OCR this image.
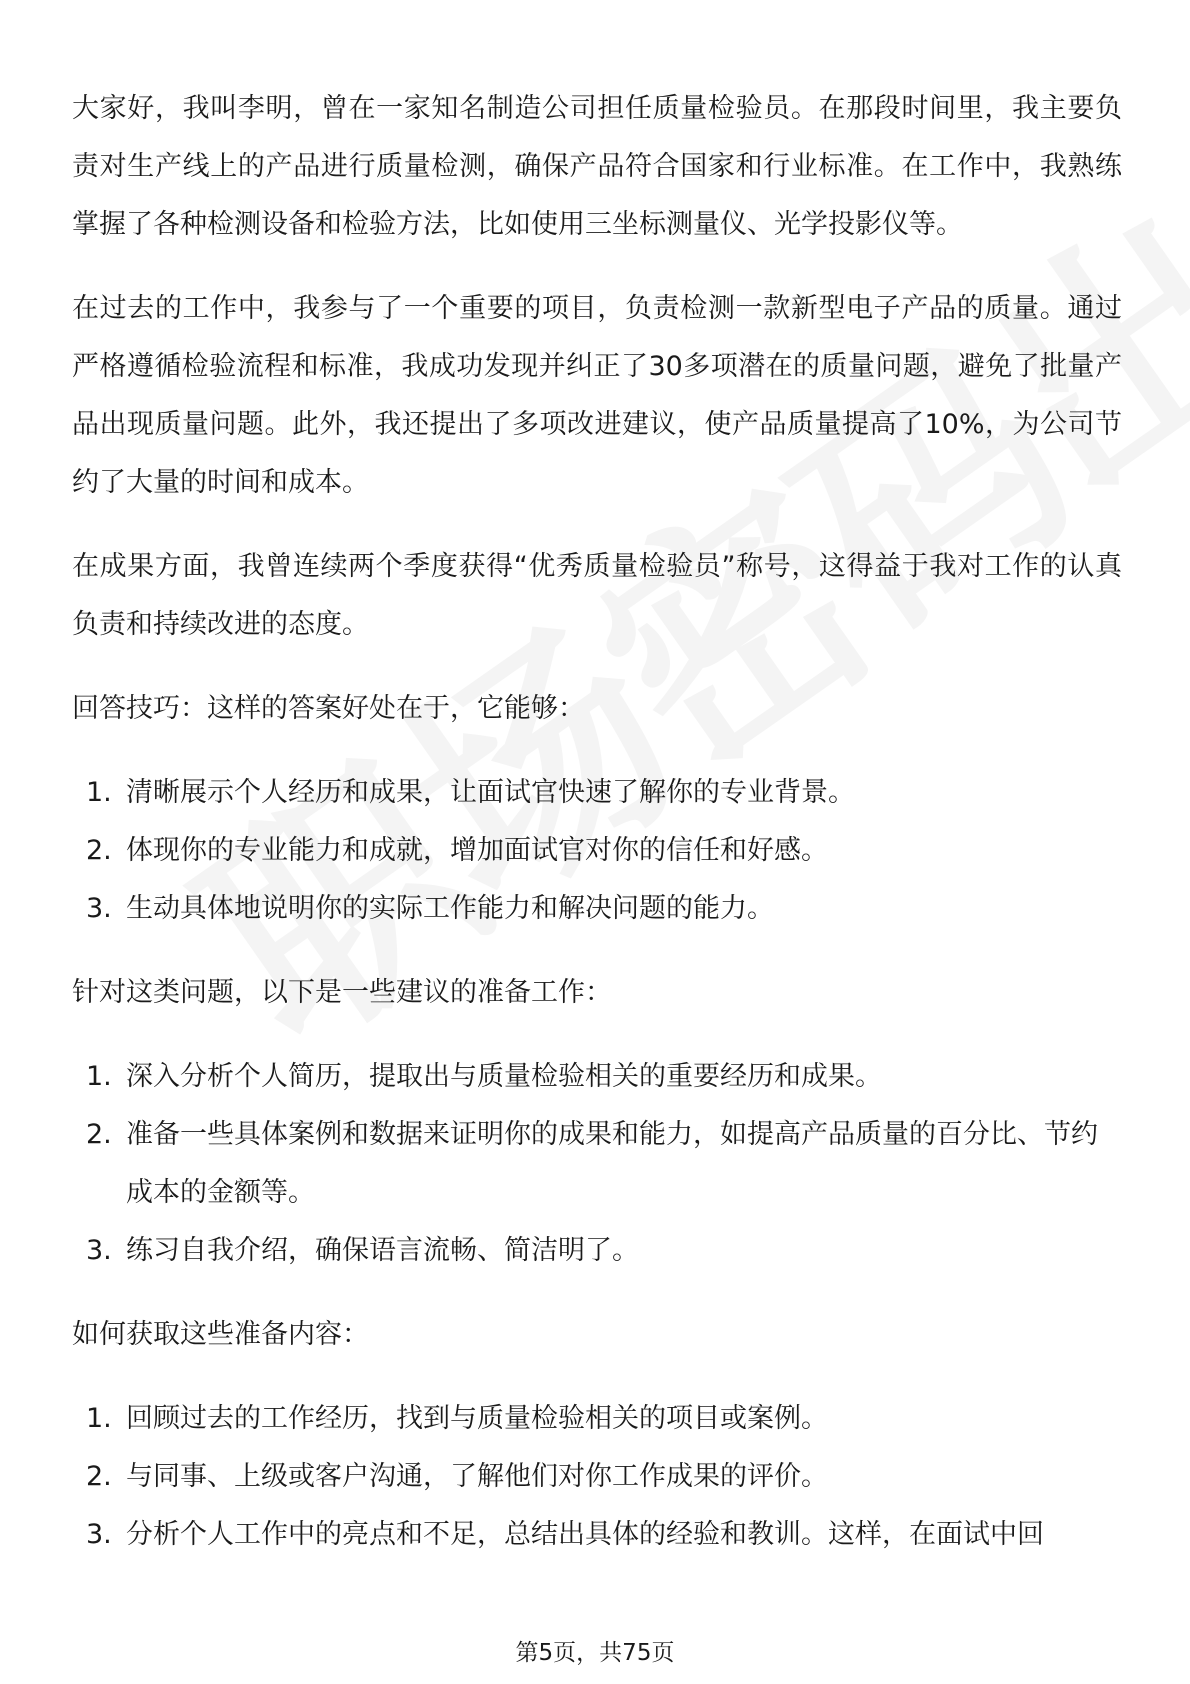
大家好，我叫李明，曾在一家知名制造公司担任质量检验员。在那段时间里，我主要负责对生产线上的产品进行质量检测，确保产品符合国家和行业标准。在工作中，我熟练掌握了各种检测设备和检验方法，比如使用三坐标测量仪、光学投影仪等。

在过去的工作中，我参与了一个重要的项目，负责检测一款新型电子产品的质量。通过严格遵循检验流程和标准，我成功发现并纠正了30多项潜在的质量问题，避免了批量产品出现质量问题。此外，我还提出了多项改进建议，使产品质量提高了10%，为公司节约了大量的时间和成本。

在成果方面，我曾连续两个季度获得“优秀质量检验员”称号，这得益于我对工作的认真负责和持续改进的态度。

回答技巧：这样的答案好处在于，它能够：

1. 清晰展示个人经历和成果，让面试官快速了解你的专业背景。
2. 体现你的专业能力和成就，增加面试官对你的信任和好感。
3. 生动具体地说明你的实际工作能力和解决问题的能力。

针对这类问题，以下是一些建议的准备工作：

1. 深入分析个人简历，提取出与质量检验相关的重要经历和成果。
2. 准备一些具体案例和数据来证明你的成果和能力，如提高产品质量的百分比、节约成本的金额等。
3. 练习自我介绍，确保语言流畅、简洁明了。

如何获取这些准备内容：

1. 回顾过去的工作经历，找到与质量检验相关的项目或案例。
2. 与同事、上级或客户沟通，了解他们对你工作成果的评价。
3. 分析个人工作中的亮点和不足，总结出具体的经验和教训。这样，在面试中回
第5页，共75页
